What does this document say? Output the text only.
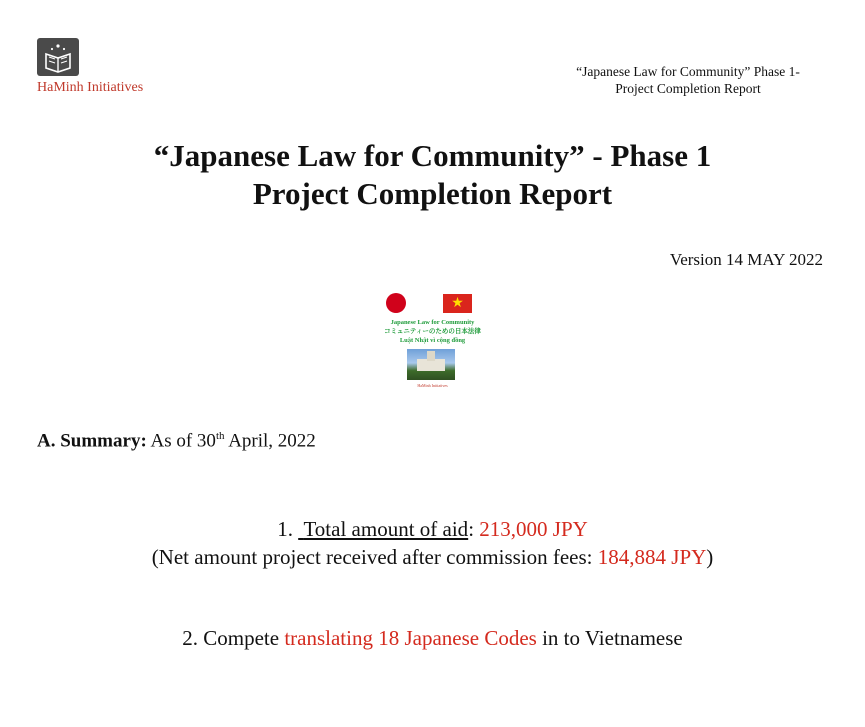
HaMinh Initiatives
“Japanese Law for Community” Phase 1-
Project Completion Report
“Japanese Law for Community” - Phase 1
Project Completion Report
Version 14 MAY 2022
★
Japanese Law for Community
コミュニティーのための日本法律
Luật Nhật vì cộng đồng
HaMinh Initiatives
A. Summary: As of 30th April, 2022
1. Total amount of aid: 213,000 JPY
(Net amount project received after commission fees: 184,884 JPY)
2. Compete translating 18 Japanese Codes in to Vietnamese
